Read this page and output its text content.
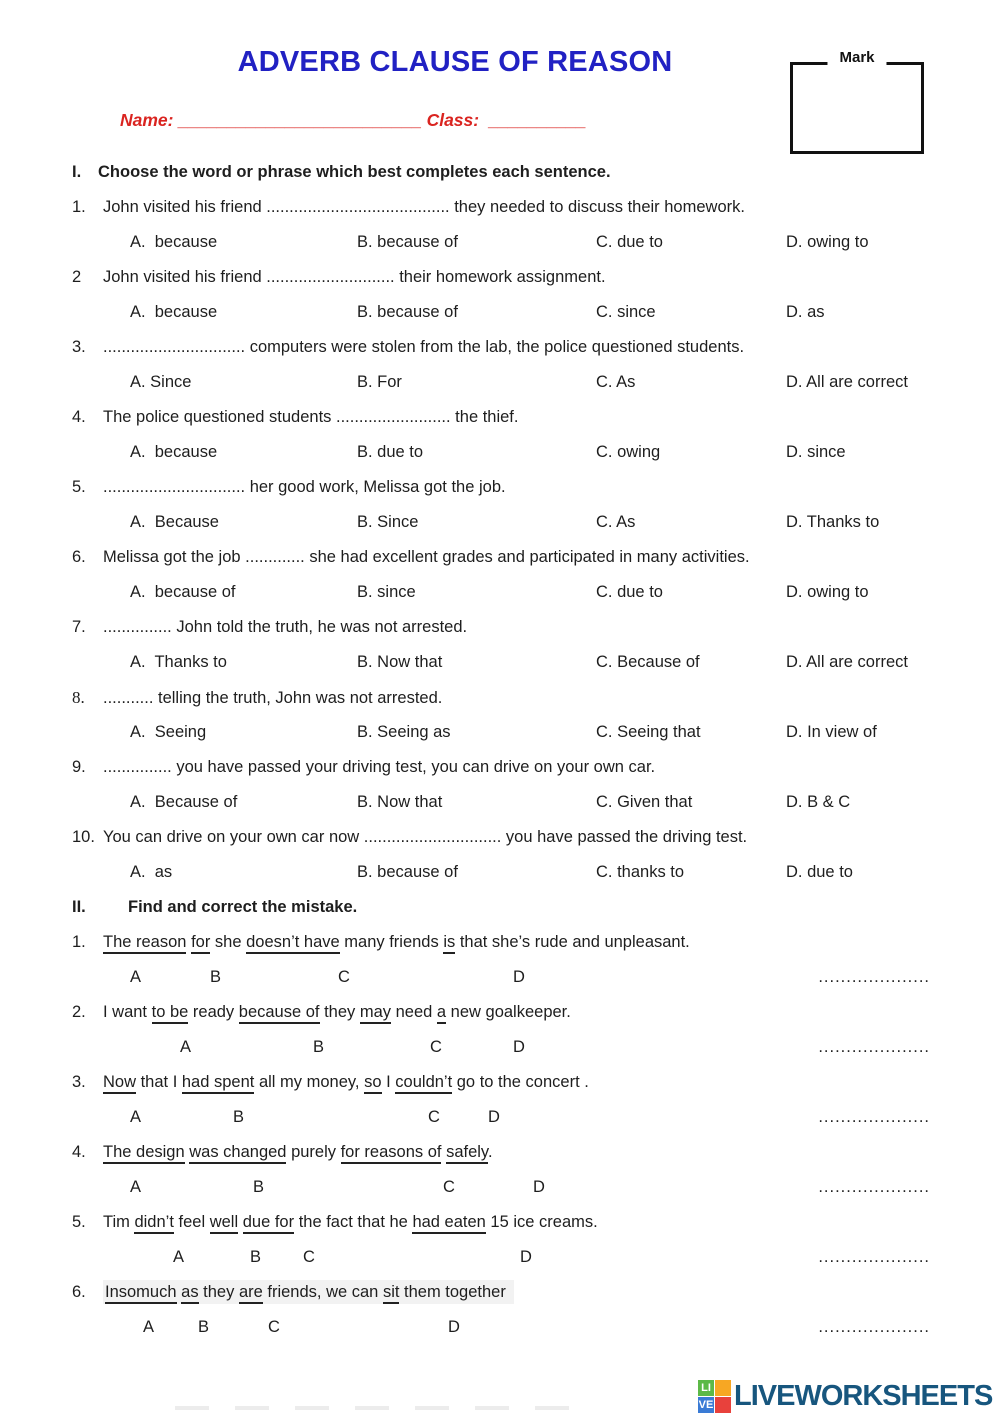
ADVERB CLAUSE OF REASON	Mark
Name: _________________________ Class: __________
I. Choose the word or phrase which best completes each sentence.
1. John visited his friend ........................................ they needed to discuss their homework.
A.  because	B. because of	C. due to	D. owing to
2 John visited his friend ............................ their homework assignment.
A.  because	B. because of	C. since	D. as
3. ............................... computers were stolen from the lab, the police questioned students.
A. Since	B. For	C. As	D. All are correct
4. The police questioned students ......................... the thief.
A.  because	B. due to	C. owing	D. since
5. ............................... her good work, Melissa got the job.
A.  Because	B. Since	C. As	D. Thanks to
6. Melissa got the job ............. she had excellent grades and participated in many activities.
A.  because of	B. since	C. due to	D. owing to
7. ............... John told the truth, he was not arrested.
A.  Thanks to	B. Now that	C. Because of	D. All are correct
8. ........... telling the truth, John was not arrested.
A.  Seeing	B. Seeing as	C. Seeing that	D. In view of
9. ............... you have passed your driving test, you can drive on your own car.
A.  Because of	B. Now that	C. Given that	D. B & C
10. You can drive on your own car now .............................. you have passed the driving test.
A.  as	B. because of	C. thanks to	D. due to
II.	Find and correct the mistake.
1. The reason for she doesn’t have many friends is that she’s rude and unpleasant.

A

	B

	C

	D

	....................

2. I want to be ready because of they may need a new goalkeeper.

A

	B

	C

	D

	....................

3. Now that I had spent all my money, so I couldn’t go to the concert .

A

	B

	C

	D

	....................

4. The design was changed purely for reasons of safely.

A

	B

	C

	D

	....................

5. Tim didn’t feel well due for the fact that he had eaten 15 ice creams.

A

	B

	C

	D

	....................

6. Insomuch as they are friends, we can sit them together

A

	B

	C

	D

	....................

LI
VE LIVEWORKSHEETS
